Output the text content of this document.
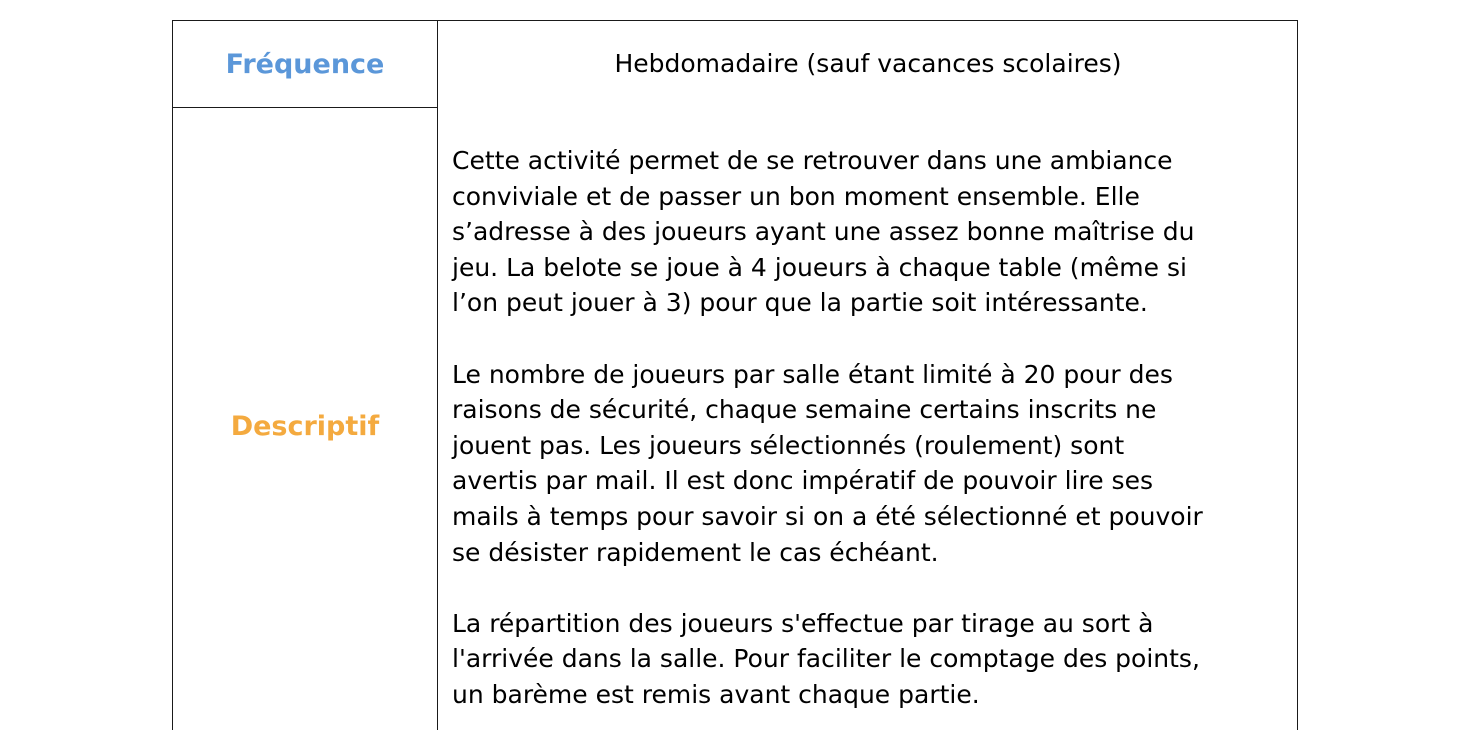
Fréquence	Hebdomadaire (sauf vacances scolaires)
Descriptif

Cette activité permet de se retrouver dans une ambiance
conviviale et de passer un bon moment ensemble. Elle
s’adresse à des joueurs ayant une assez bonne maîtrise du
jeu. La belote se joue à 4 joueurs à chaque table (même si
l’on peut jouer à 3) pour que la partie soit intéressante.

Le nombre de joueurs par salle étant limité à 20 pour des
raisons de sécurité, chaque semaine certains inscrits ne
jouent pas. Les joueurs sélectionnés (roulement) sont
avertis par mail. Il est donc impératif de pouvoir lire ses
mails à temps pour savoir si on a été sélectionné et pouvoir
se désister rapidement le cas échéant.

La répartition des joueurs s'effectue par tirage au sort à
l'arrivée dans la salle. Pour faciliter le comptage des points,
un barème est remis avant chaque partie.
